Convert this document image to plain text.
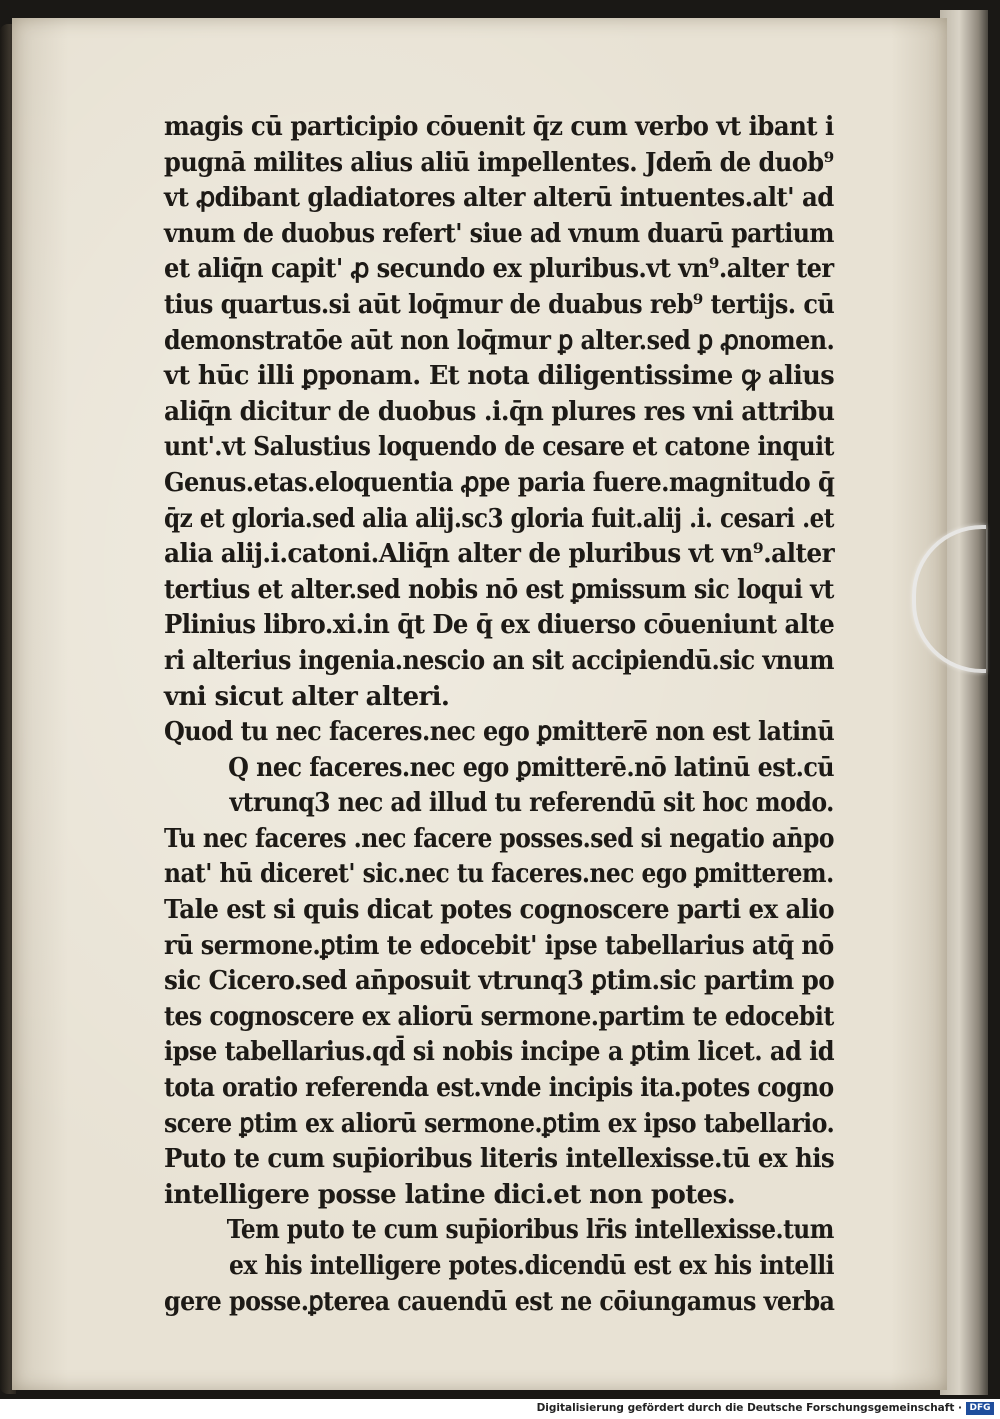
magis cū participio cōuenit q̄z cum verbo vt ibant i
pugnā milites alius aliū impellentes. Jdem̄ de duob⁹
vt ꝓdibant gladiatores alter alterū intuentes.alt' ad
vnum de duobus refert' siue ad vnum duarū partium
et aliq̄n capit' ꝓ secundo ex pluribus.vt vn⁹.alter ter
tius quartus.si aūt loq̄mur de duabus reb⁹ tertijs. cū
demonstratōe aūt non loq̄mur ꝑ alter.sed ꝑ ꝓnomen.
vt hūc illi ꝑponam. Et nota diligentissime ꝙ alius
aliq̄n dicitur de duobus .i.q̄n plures res vni attribu
unt'.vt Salustius loquendo de cesare et catone inquit
Genus.etas.eloquentia ꝓpe paria fuere.magnitudo q̄
q̄z et gloria.sed alia alij.sc3 gloria fuit.alij .i. cesari .et
alia alij.i.catoni.Aliq̄n alter de pluribus vt vn⁹.alter
tertius et alter.sed nobis nō est ꝑmissum sic loqui vt
Plinius libro.xi.in q̄t De q̄ ex diuerso cōueniunt alte
ri alterius ingenia.nescio an sit accipiendū.sic vnum
vni sicut alter alteri.
Quod tu nec faceres.nec ego ꝑmittere̅ non est latinū
Q nec faceres.nec ego ꝑmitterē.nō latinū est.cū
vtrunq3 nec ad illud tu referendū sit hoc modo.
Tu nec faceres .nec facere posses.sed si negatio an̄po
nat' hū diceret' sic.nec tu faceres.nec ego ꝑmitterem.
Tale est si quis dicat potes cognoscere parti ex alio
rū sermone.ꝑtim te edocebit' ipse tabellarius atq̄ nō
sic Cicero.sed an̄posuit vtrunq3 ꝑtim.sic partim po
tes cognoscere ex aliorū sermone.partim te edocebit
ipse tabellarius.qd̄ si nobis incipe a ꝑtim licet. ad id
tota oratio referenda est.vnde incipis ita.potes cogno
scere ꝑtim ex aliorū sermone.ꝑtim ex ipso tabellario.
Puto te cum sup̄ioribus literis intellexisse.tū ex his
intelligere posse latine dici.et non potes.
Tem puto te cum sup̄ioribus lr̄is intellexisse.tum
ex his intelligere potes.dicendū est ex his intelli
gere posse.ꝑterea cauendū est ne cōiungamus verba
Digitalisierung gefördert durch die Deutsche Forschungsgemeinschaft · DFG
